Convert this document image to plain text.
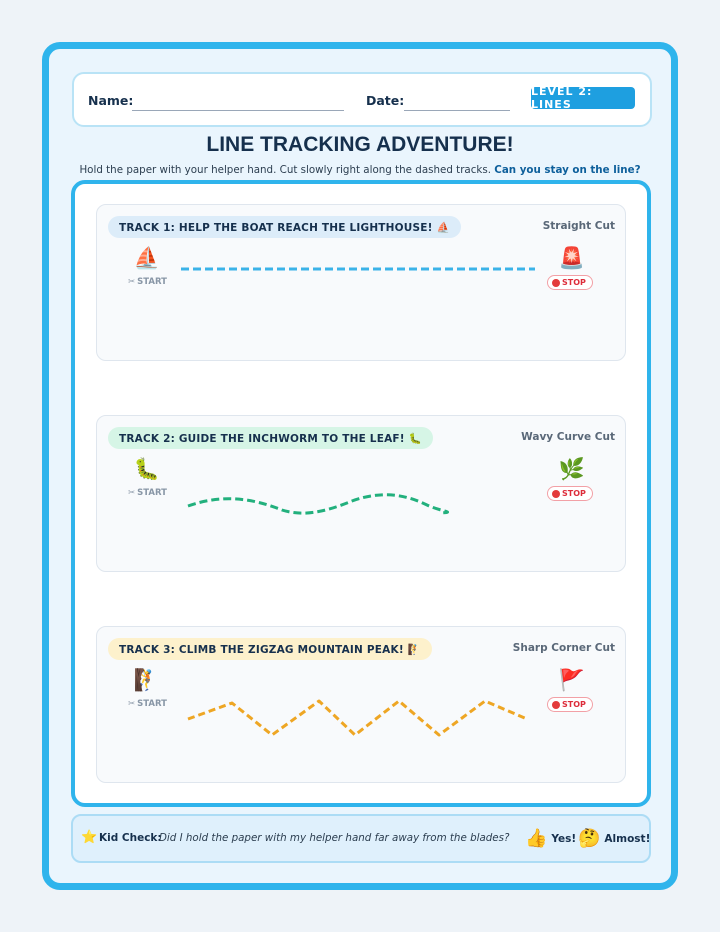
Name:	Date:
LEVEL 2: LINES
LINE TRACKING ADVENTURE!
Hold the paper with your helper hand. Cut slowly right along the dashed tracks. Can you stay on the line?
TRACK 1: HELP THE BOAT REACH THE LIGHTHOUSE! ⛵	Straight Cut
⛵
✂ START
🚨
STOP
TRACK 2: GUIDE THE INCHWORM TO THE LEAF! 🐛	Wavy Curve Cut
🐛
✂ START
🌿
STOP
TRACK 3: CLIMB THE ZIGZAG MOUNTAIN PEAK! 🧗	Sharp Corner Cut
🧗
✂ START
🚩
STOP
⭐ Kid Check:
Did I hold the paper with my helper hand far away from the blades? 👍 Yes! 🤔 Almost!
